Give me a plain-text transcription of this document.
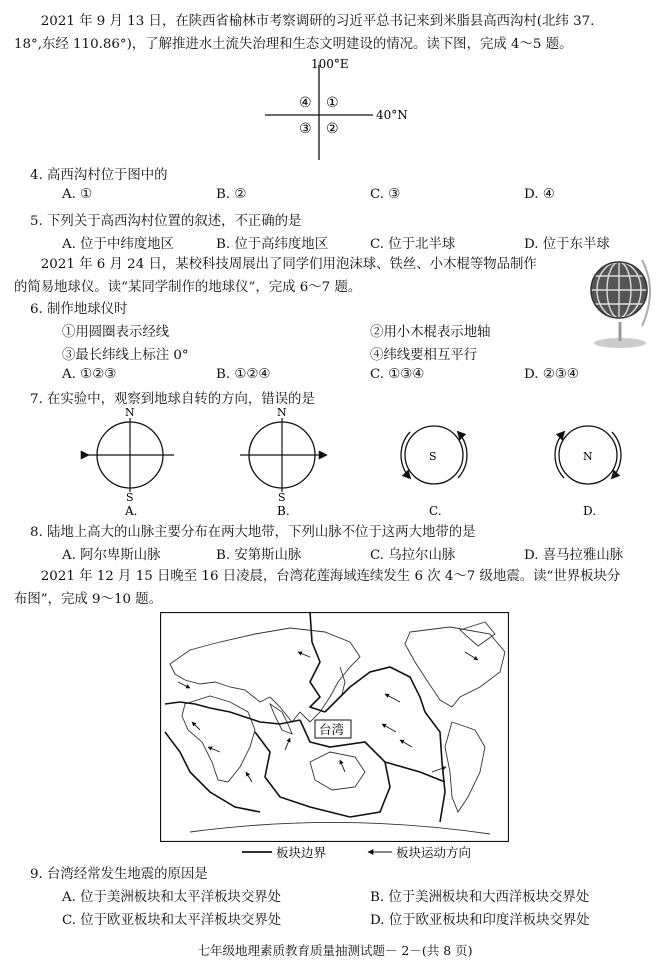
　　2021 年 9 月 13 日，在陕西省榆林市考察调研的习近平总书记来到米脂县高西沟村(北纬 37.
18°,东经 110.86°)，了解推进水土流失治理和生态文明建设的情况。读下图，完成 4～5 题。
100°E
40°N
④ ①
③ ②
4. 高西沟村位于图中的
A. ①	B. ②	C. ③	D. ④
5. 下列关于高西沟村位置的叙述，不正确的是
A. 位于中纬度地区	B. 位于高纬度地区	C. 位于北半球	D. 位于东半球
　　2021 年 6 月 24 日，某校科技周展出了同学们用泡沫球、铁丝、小木棍等物品制作
的简易地球仪。读“某同学制作的地球仪”，完成 6～7 题。
6. 制作地球仪时
①用圆圈表示经线	②用小木棍表示地轴
③最长纬线上标注 0°	④纬线要相互平行
A. ①②③	B. ①②④	C. ①③④	D. ②③④
7. 在实验中，观察到地球自转的方向，错误的是
N
S
A.
N
S
B.
S
C.
N
D.
8. 陆地上高大的山脉主要分布在两大地带，下列山脉不位于这两大地带的是
A. 阿尔卑斯山脉	B. 安第斯山脉	C. 乌拉尔山脉	D. 喜马拉雅山脉
　　2021 年 12 月 15 日晚至 16 日凌晨，台湾花莲海域连续发生 6 次 4～7 级地震。读“世界板块分
布图”，完成 9～10 题。
台湾
板块边界	板块运动方向
9. 台湾经常发生地震的原因是
A. 位于美洲板块和太平洋板块交界处	B. 位于美洲板块和大西洋板块交界处
C. 位于欧亚板块和太平洋板块交界处	D. 位于欧亚板块和印度洋板块交界处
七年级地理素质教育质量抽测试题－ 2－(共 8 页)
